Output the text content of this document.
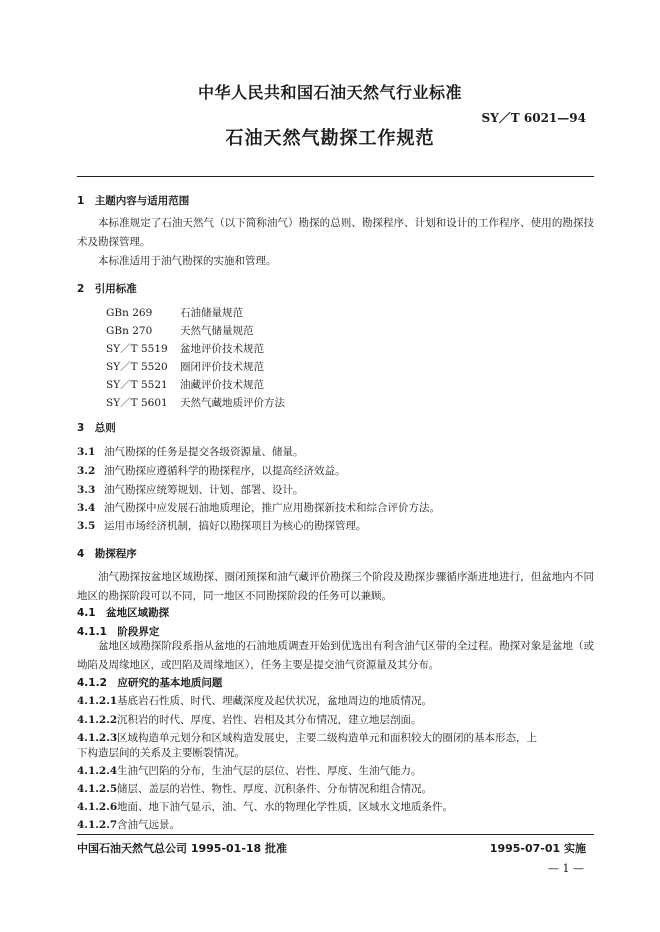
中华人民共和国石油天然气行业标准
SY／T 6021—94
石油天然气勘探工作规范
1　主题内容与适用范围
本标准规定了石油天然气（以下简称油气）勘探的总则、勘探程序、计划和设计的工作程序、使用的勘探技术及勘探管理。
本标准适用于油气勘探的实施和管理。
2　引用标准
GBn 269	石油储量规范
GBn 270	天然气储量规范
SY／T 5519 盆地评价技术规范
SY／T 5520 圈闭评价技术规范
SY／T 5521 油藏评价技术规范
SY／T 5601 天然气藏地质评价方法
3　总则
3.1 油气勘探的任务是提交各级资源量、储量。
3.2 油气勘探应遵循科学的勘探程序，以提高经济效益。
3.3 油气勘探应统筹规划、计划、部署、设计。
3.4 油气勘探中应发展石油地质理论，推广应用勘探新技术和综合评价方法。
3.5 运用市场经济机制，搞好以勘探项目为核心的勘探管理。
4　勘探程序
油气勘探按盆地区域勘探、圈闭预探和油气藏评价勘探三个阶段及勘探步骤循序渐进地进行，但盆地内不同地区的勘探阶段可以不同，同一地区不同勘探阶段的任务可以兼顾。
4.1　盆地区域勘探
4.1.1　阶段界定
盆地区域勘探阶段系指从盆地的石油地质调查开始到优选出有利含油气区带的全过程。勘探对象是盆地（或坳陷及周缘地区，或凹陷及周缘地区），任务主要是提交油气资源量及其分布。
4.1.2　应研究的基本地质问题
4.1.2.1基底岩石性质、时代、埋藏深度及起伏状况，盆地周边的地质情况。
4.1.2.2沉积岩的时代、厚度、岩性、岩相及其分布情况，建立地层剖面。
4.1.2.3区域构造单元划分和区域构造发展史，主要二级构造单元和面积较大的圈闭的基本形态，上
下构造层间的关系及主要断裂情况。
4.1.2.4生油气凹陷的分布，生油气层的层位、岩性、厚度、生油气能力。
4.1.2.5储层、盖层的岩性、物性、厚度、沉积条件、分布情况和组合情况。
4.1.2.6地面、地下油气显示，油、气、水的物理化学性质，区域水文地质条件。
4.1.2.7含油气远景。
中国石油天然气总公司 1995-01-18 批准	1995-07-01 实施
— 1 —
